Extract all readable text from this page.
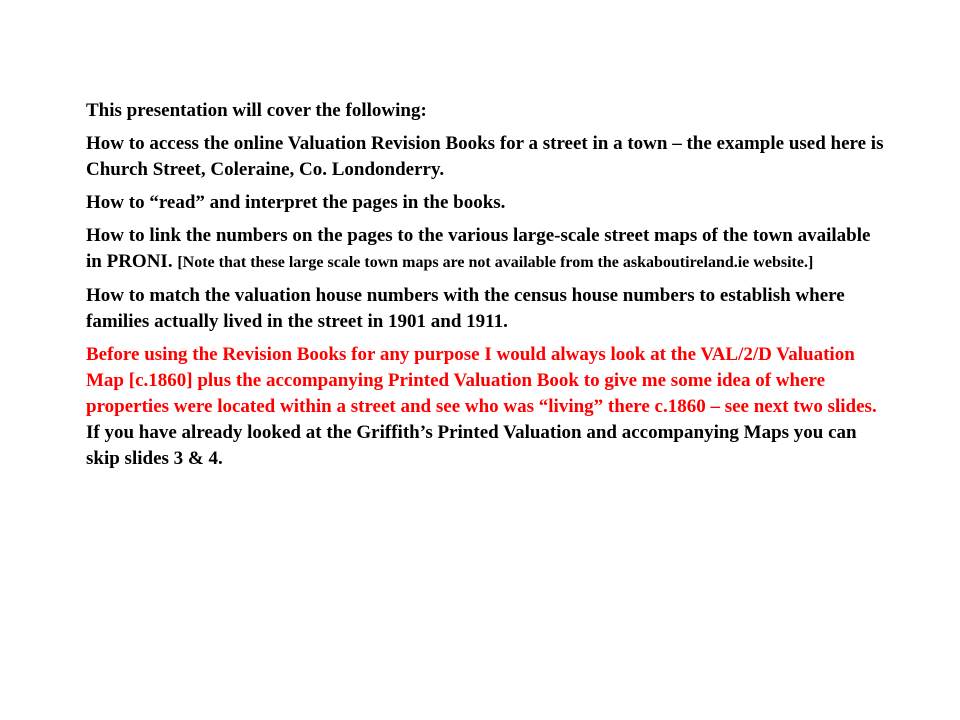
This presentation will cover the following:

How to access the online Valuation Revision Books for a street in a town – the example used here is Church Street, Coleraine, Co. Londonderry.

How to “read” and interpret the pages in the books.

How to link the numbers on the pages to the various large-scale street maps of the town available in PRONI. [Note that these large scale town maps are not available from the askaboutireland.ie website.]

How to match the valuation house numbers with the census house numbers to establish where families actually lived in the street in 1901 and 1911.

Before using the Revision Books for any purpose I would always look at the VAL/2/D Valuation Map [c.1860] plus the accompanying Printed Valuation Book to give me some idea of where properties were located within a street and see who was “living” there c.1860 – see next two slides. If you have already looked at the Griffith’s Printed Valuation and accompanying Maps you can skip slides 3 & 4.
